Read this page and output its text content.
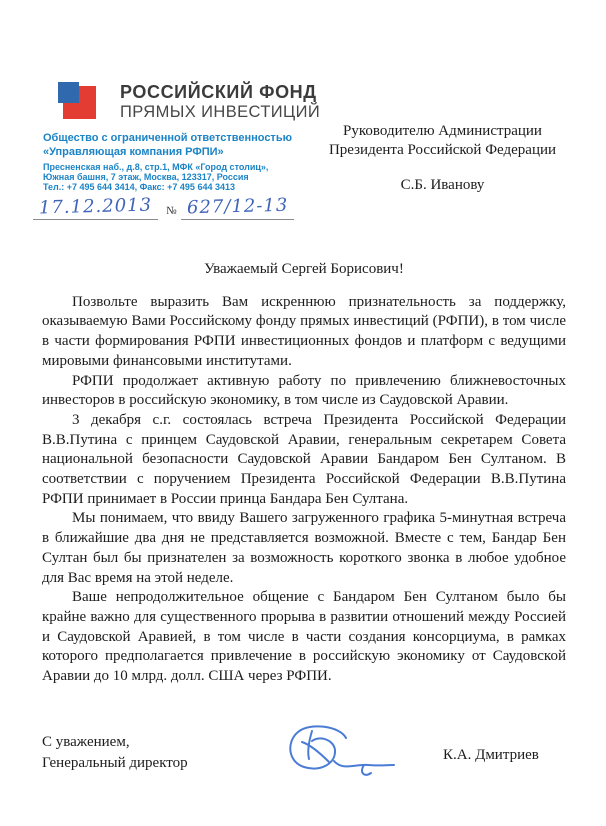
РОССИЙСКИЙ ФОНД
ПРЯМЫХ ИНВЕСТИЦИЙ
Общество с ограниченной ответственностью
«Управляющая компания РФПИ»
Пресненская наб., д.8, стр.1, МФК «Город столиц»,
Южная башня, 7 этаж, Москва, 123317, Россия
Тел.: +7 495 644 3414, Факс: +7 495 644 3413
17.12.2013	№ 627/12-13
Руководителю Администрации
Президента Российской Федерации
С.Б. Иванову
Уважаемый Сергей Борисович!

Позвольте выразить Вам искреннюю признательность за поддержку, оказываемую Вами Российскому фонду прямых инвестиций (РФПИ), в том числе в части формирования РФПИ инвестиционных фондов и платформ с ведущими мировыми финансовыми институтами.

РФПИ продолжает активную работу по привлечению ближневосточных инвесторов в российскую экономику, в том числе из Саудовской Аравии.

3 декабря с.г. состоялась встреча Президента Российской Федерации В.В.Путина с принцем Саудовской Аравии, генеральным секретарем Совета национальной безопасности Саудовской Аравии Бандаром Бен Султаном. В соответствии с поручением Президента Российской Федерации В.В.Путина РФПИ принимает в России принца Бандара Бен Султана.

Мы понимаем, что ввиду Вашего загруженного графика 5-минутная встреча в ближайшие два дня не представляется возможной. Вместе с тем, Бандар Бен Султан был бы признателен за возможность короткого звонка в любое удобное для Вас время на этой неделе.

Ваше непродолжительное общение с Бандаром Бен Султаном было бы крайне важно для существенного прорыва в развитии отношений между Россией и Саудовской Аравией, в том числе в части создания консорциума, в рамках которого предполагается привлечение в российскую экономику от Саудовской Аравии до 10 млрд. долл. США через РФПИ.

С уважением,
Генеральный директор	К.А. Дмитриев
